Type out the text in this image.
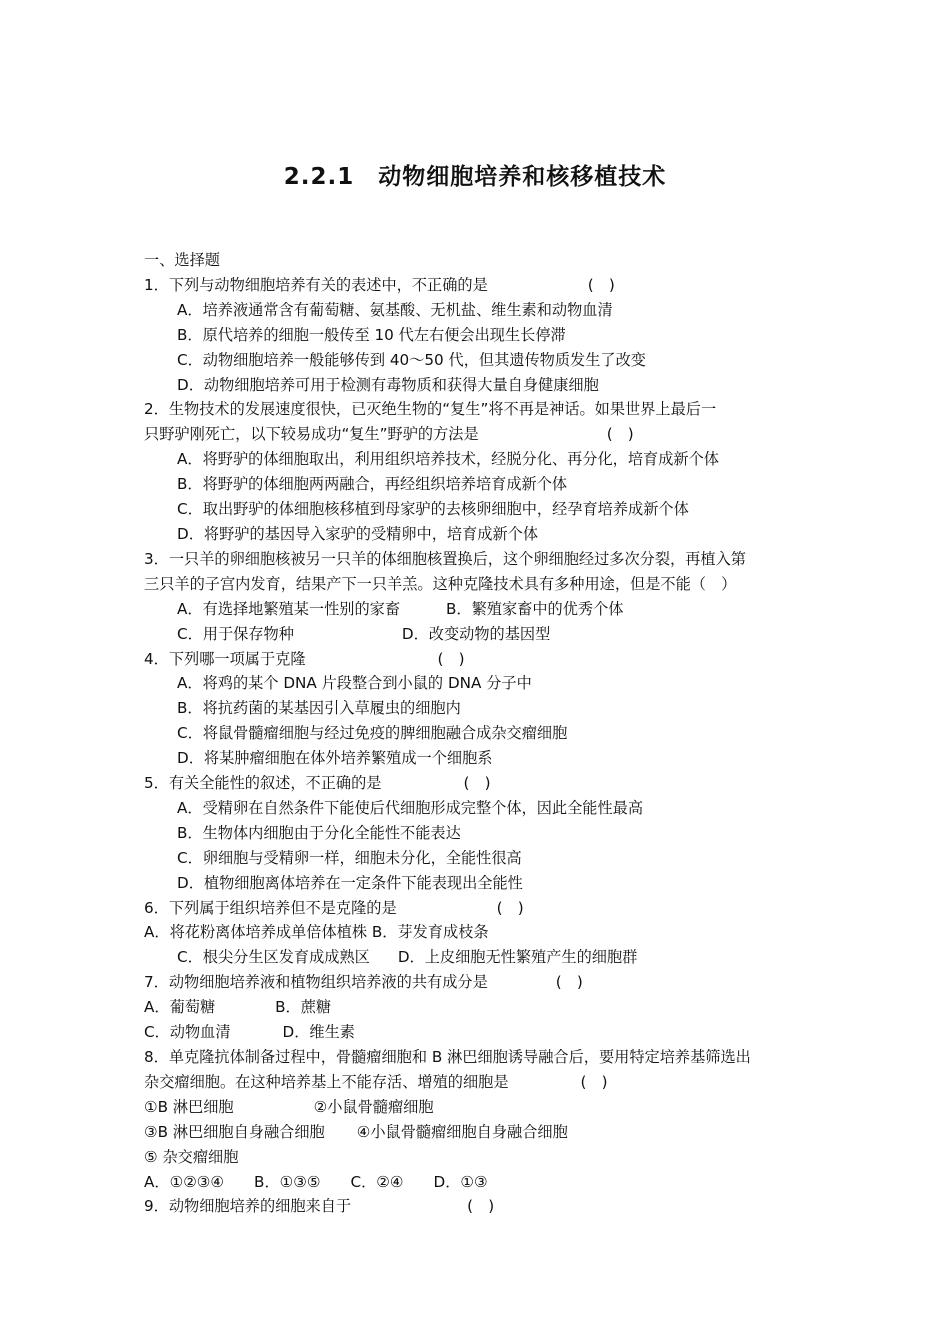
2.2.1　动物细胞培养和核移植技术
一、选择题
1．下列与动物细胞培养有关的表述中，不正确的是	(　)
A．培养液通常含有葡萄糖、氨基酸、无机盐、维生素和动物血清
B．原代培养的细胞一般传至 10 代左右便会出现生长停滞
C．动物细胞培养一般能够传到 40～50 代，但其遗传物质发生了改变
D．动物细胞培养可用于检测有毒物质和获得大量自身健康细胞
2．生物技术的发展速度很快，已灭绝生物的“复生”将不再是神话。如果世界上最后一
只野驴刚死亡，以下较易成功“复生”野驴的方法是	(　)
A．将野驴的体细胞取出，利用组织培养技术，经脱分化、再分化，培育成新个体
B．将野驴的体细胞两两融合，再经组织培养培育成新个体
C．取出野驴的体细胞核移植到母家驴的去核卵细胞中，经孕育培养成新个体
D．将野驴的基因导入家驴的受精卵中，培育成新个体
3．一只羊的卵细胞核被另一只羊的体细胞核置换后，这个卵细胞经过多次分裂，再植入第
三只羊的子宫内发育，结果产下一只羊羔。这种克隆技术具有多种用途，但是不能（　）
A．有选择地繁殖某一性别的家畜	B．繁殖家畜中的优秀个体
C．用于保存物种	D．改变动物的基因型
4．下列哪一项属于克隆	(　)
A．将鸡的某个 DNA 片段整合到小鼠的 DNA 分子中
B．将抗药菌的某基因引入草履虫的细胞内
C．将鼠骨髓瘤细胞与经过免疫的脾细胞融合成杂交瘤细胞
D．将某肿瘤细胞在体外培养繁殖成一个细胞系
5．有关全能性的叙述，不正确的是	(　)
A．受精卵在自然条件下能使后代细胞形成完整个体，因此全能性最高
B．生物体内细胞由于分化全能性不能表达
C．卵细胞与受精卵一样，细胞未分化，全能性很高
D．植物细胞离体培养在一定条件下能表现出全能性
6．下列属于组织培养但不是克隆的是	(　)
A．将花粉离体培养成单倍体植株 B．芽发育成枝条
C．根尖分生区发育成成熟区 D．上皮细胞无性繁殖产生的细胞群
7．动物细胞培养液和植物组织培养液的共有成分是	(　)
A．葡萄糖	B．蔗糖
C．动物血清	D．维生素
8．单克隆抗体制备过程中，骨髓瘤细胞和 B 淋巴细胞诱导融合后，要用特定培养基筛选出
杂交瘤细胞。在这种培养基上不能存活、增殖的细胞是	(　)
①B 淋巴细胞	②小鼠骨髓瘤细胞
③B 淋巴细胞自身融合细胞 ④小鼠骨髓瘤细胞自身融合细胞
⑤ 杂交瘤细胞
A．①②③④ B．①③⑤ C．②④ D．①③
9．动物细胞培养的细胞来自于	(　)
